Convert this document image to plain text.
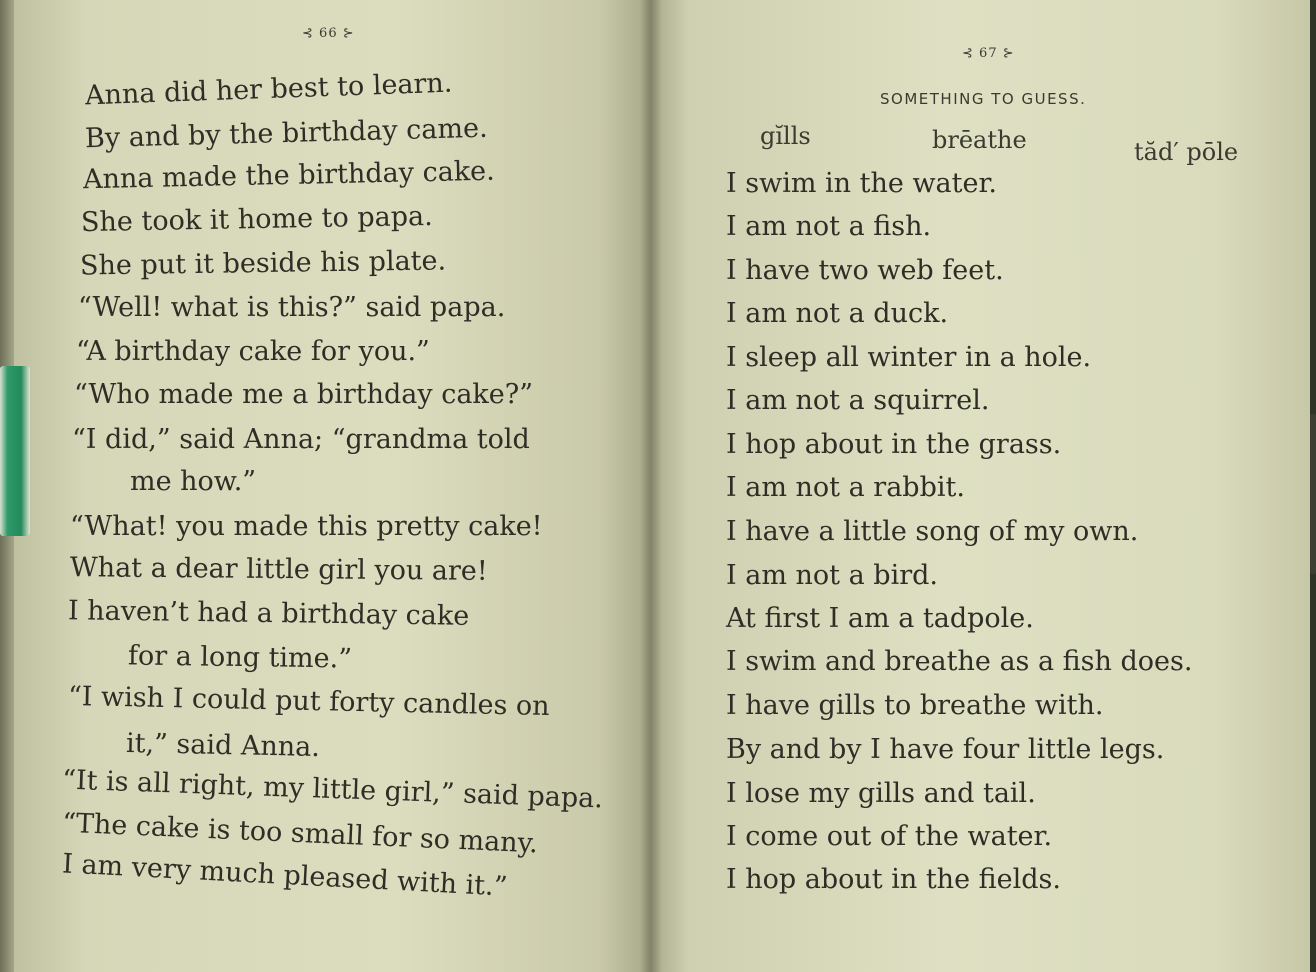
⊰ 66 ⊱
Anna did her best to learn.
By and by the birthday came.
Anna made the birthday cake.
She took it home to papa.
She put it beside his plate.
“Well! what is this?” said papa.
“A birthday cake for you.”
“Who made me a birthday cake?”
“I did,” said Anna; “grandma told
me how.”
“What! you made this pretty cake!
What a dear little girl you are!
I haven’t had a birthday cake
for a long time.”
“I wish I could put forty candles on
it,” said Anna.
“It is all right, my little girl,” said papa.
“The cake is too small for so many.
I am very much pleased with it.”
⊰ 67 ⊱
SOMETHING TO GUESS.
gĭlls	brēathe	tăd′ pōle
I swim in the water.
I am not a fish.
I have two web feet.
I am not a duck.
I sleep all winter in a hole.
I am not a squirrel.
I hop about in the grass.
I am not a rabbit.
I have a little song of my own.
I am not a bird.
At first I am a tadpole.
I swim and breathe as a fish does.
I have gills to breathe with.
By and by I have four little legs.
I lose my gills and tail.
I come out of the water.
I hop about in the fields.
